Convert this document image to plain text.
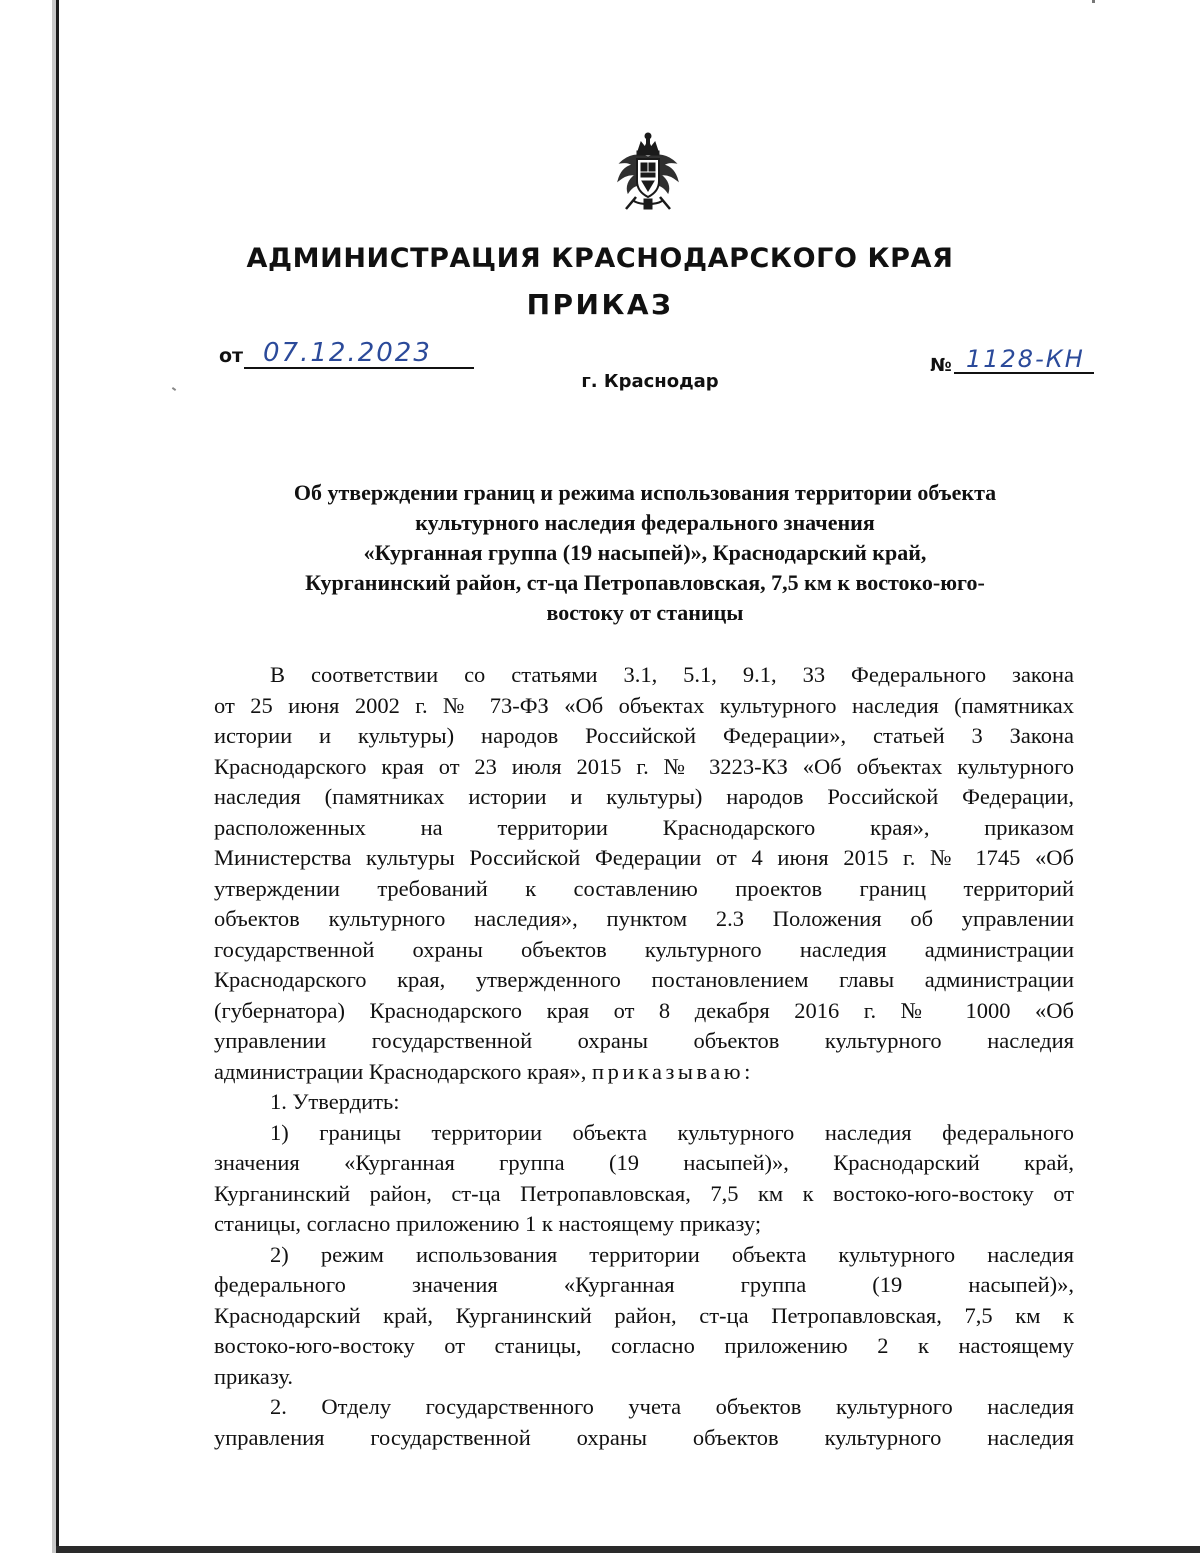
АДМИНИСТРАЦИЯ КРАСНОДАРСКОГО КРАЯ
ПРИКАЗ
от 07.12.2023
г. Краснодар
№ 1128-КН
Об утверждении границ и режима использования территории объекта
культурного наследия федерального значения
«Курганная группа (19 насыпей)», Краснодарский край,
Курганинский район, ст-ца Петропавловская, 7,5 км к востоко-юго-
востоку от станицы
В соответствии со статьями 3.1, 5.1, 9.1, 33 Федерального закона
от 25 июня 2002 г. № 73-ФЗ «Об объектах культурного наследия (памятниках
истории и культуры) народов Российской Федерации», статьей 3 Закона
Краснодарского края от 23 июля 2015 г. № 3223-КЗ «Об объектах культурного
наследия (памятниках истории и культуры) народов Российской Федерации,
расположенных на территории Краснодарского края», приказом
Министерства культуры Российской Федерации от 4 июня 2015 г. № 1745 «Об
утверждении требований к составлению проектов границ территорий
объектов культурного наследия», пунктом 2.3 Положения об управлении
государственной охраны объектов культурного наследия администрации
Краснодарского края, утвержденного постановлением главы администрации
(губернатора) Краснодарского края от 8 декабря 2016 г. № 1000 «Об
управлении государственной охраны объектов культурного наследия
администрации Краснодарского края», приказываю:
1. Утвердить:
1) границы территории объекта культурного наследия федерального
значения «Курганная группа (19 насыпей)», Краснодарский край,
Курганинский район, ст-ца Петропавловская, 7,5 км к востоко-юго-востоку от
станицы, согласно приложению 1 к настоящему приказу;
2) режим использования территории объекта культурного наследия
федерального значения «Курганная группа (19 насыпей)»,
Краснодарский край, Курганинский район, ст-ца Петропавловская, 7,5 км к
востоко-юго-востоку от станицы, согласно приложению 2 к настоящему
приказу.
2. Отделу государственного учета объектов культурного наследия
управления государственной охраны объектов культурного наследия
